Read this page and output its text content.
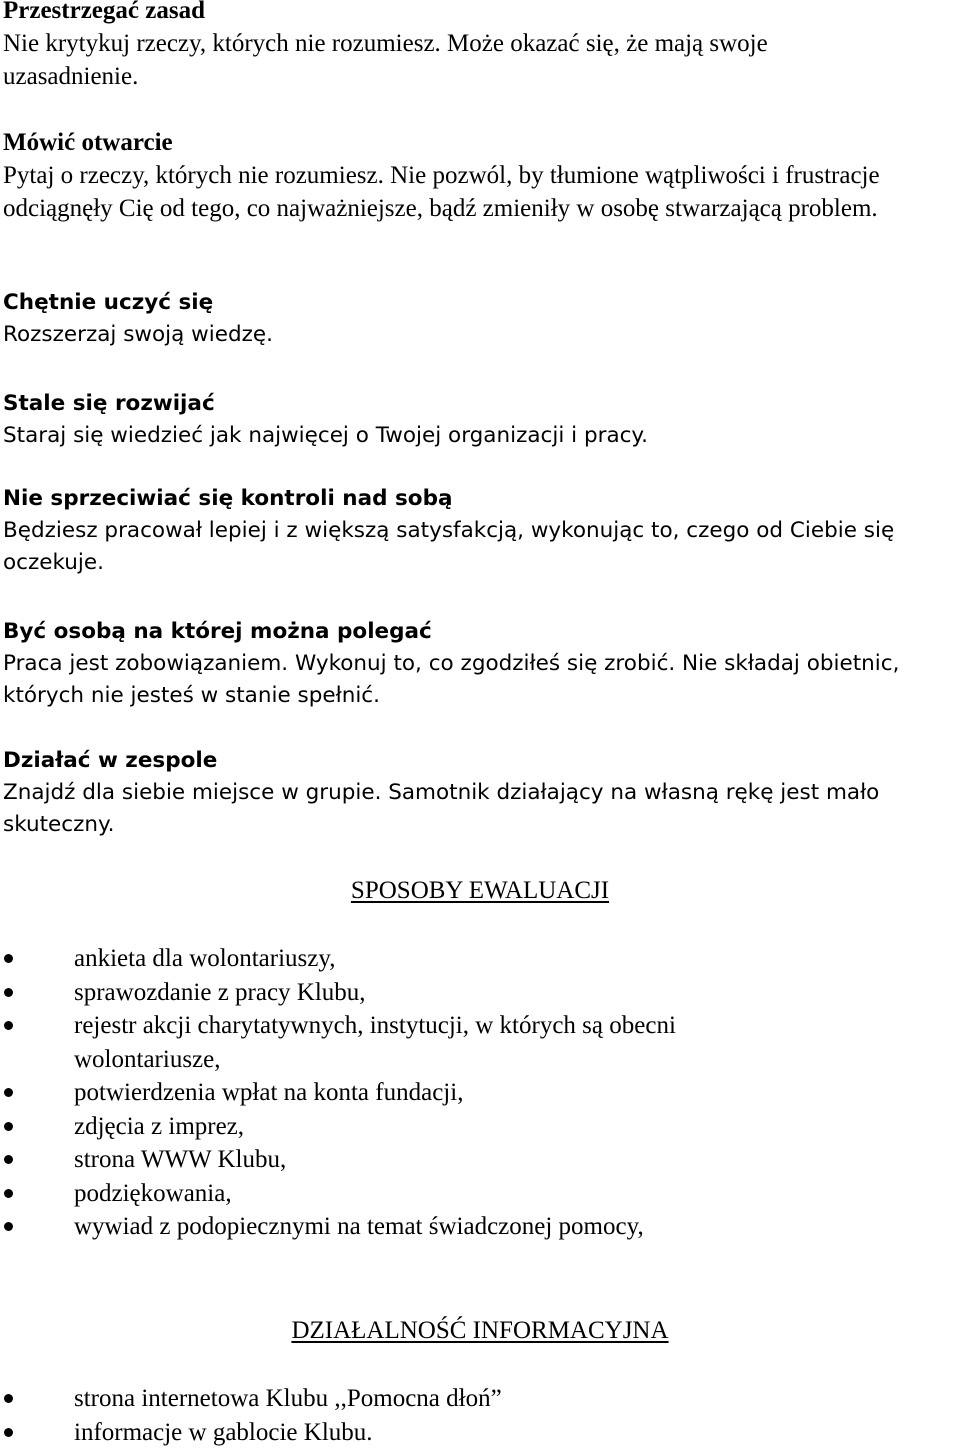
Przestrzegać zasad
Nie krytykuj rzeczy, których nie rozumiesz. Może okazać się, że mają swoje uzasadnienie.
Mówić otwarcie
Pytaj o rzeczy, których nie rozumiesz. Nie pozwól, by tłumione wątpliwości i frustracje odciągnęły Cię od tego, co najważniejsze, bądź zmieniły w osobę stwarzającą problem.
Chętnie uczyć się
Rozszerzaj swoją wiedzę.
Stale się rozwijać
Staraj się wiedzieć jak najwięcej o Twojej organizacji i pracy.
Nie sprzeciwiać się kontroli nad sobą
Będziesz pracował lepiej i z większą satysfakcją, wykonując to, czego od Ciebie się oczekuje.
Być osobą na której można polegać
Praca jest zobowiązaniem. Wykonuj to, co zgodziłeś się zrobić. Nie składaj obietnic, których nie jesteś w stanie spełnić.
Działać w zespole
Znajdź dla siebie miejsce w grupie. Samotnik działający na własną rękę jest mało skuteczny.
SPOSOBY EWALUACJI
ankieta dla wolontariuszy,
sprawozdanie z pracy Klubu,
rejestr akcji charytatywnych, instytucji, w których są obecni wolontariusze,
potwierdzenia wpłat na konta fundacji,
zdjęcia z imprez,
strona WWW Klubu,
podziękowania,
wywiad z podopiecznymi na temat świadczonej pomocy,
DZIAŁALNOŚĆ INFORMACYJNA
strona internetowa Klubu ,,Pomocna dłoń”
informacje w gablocie Klubu.
